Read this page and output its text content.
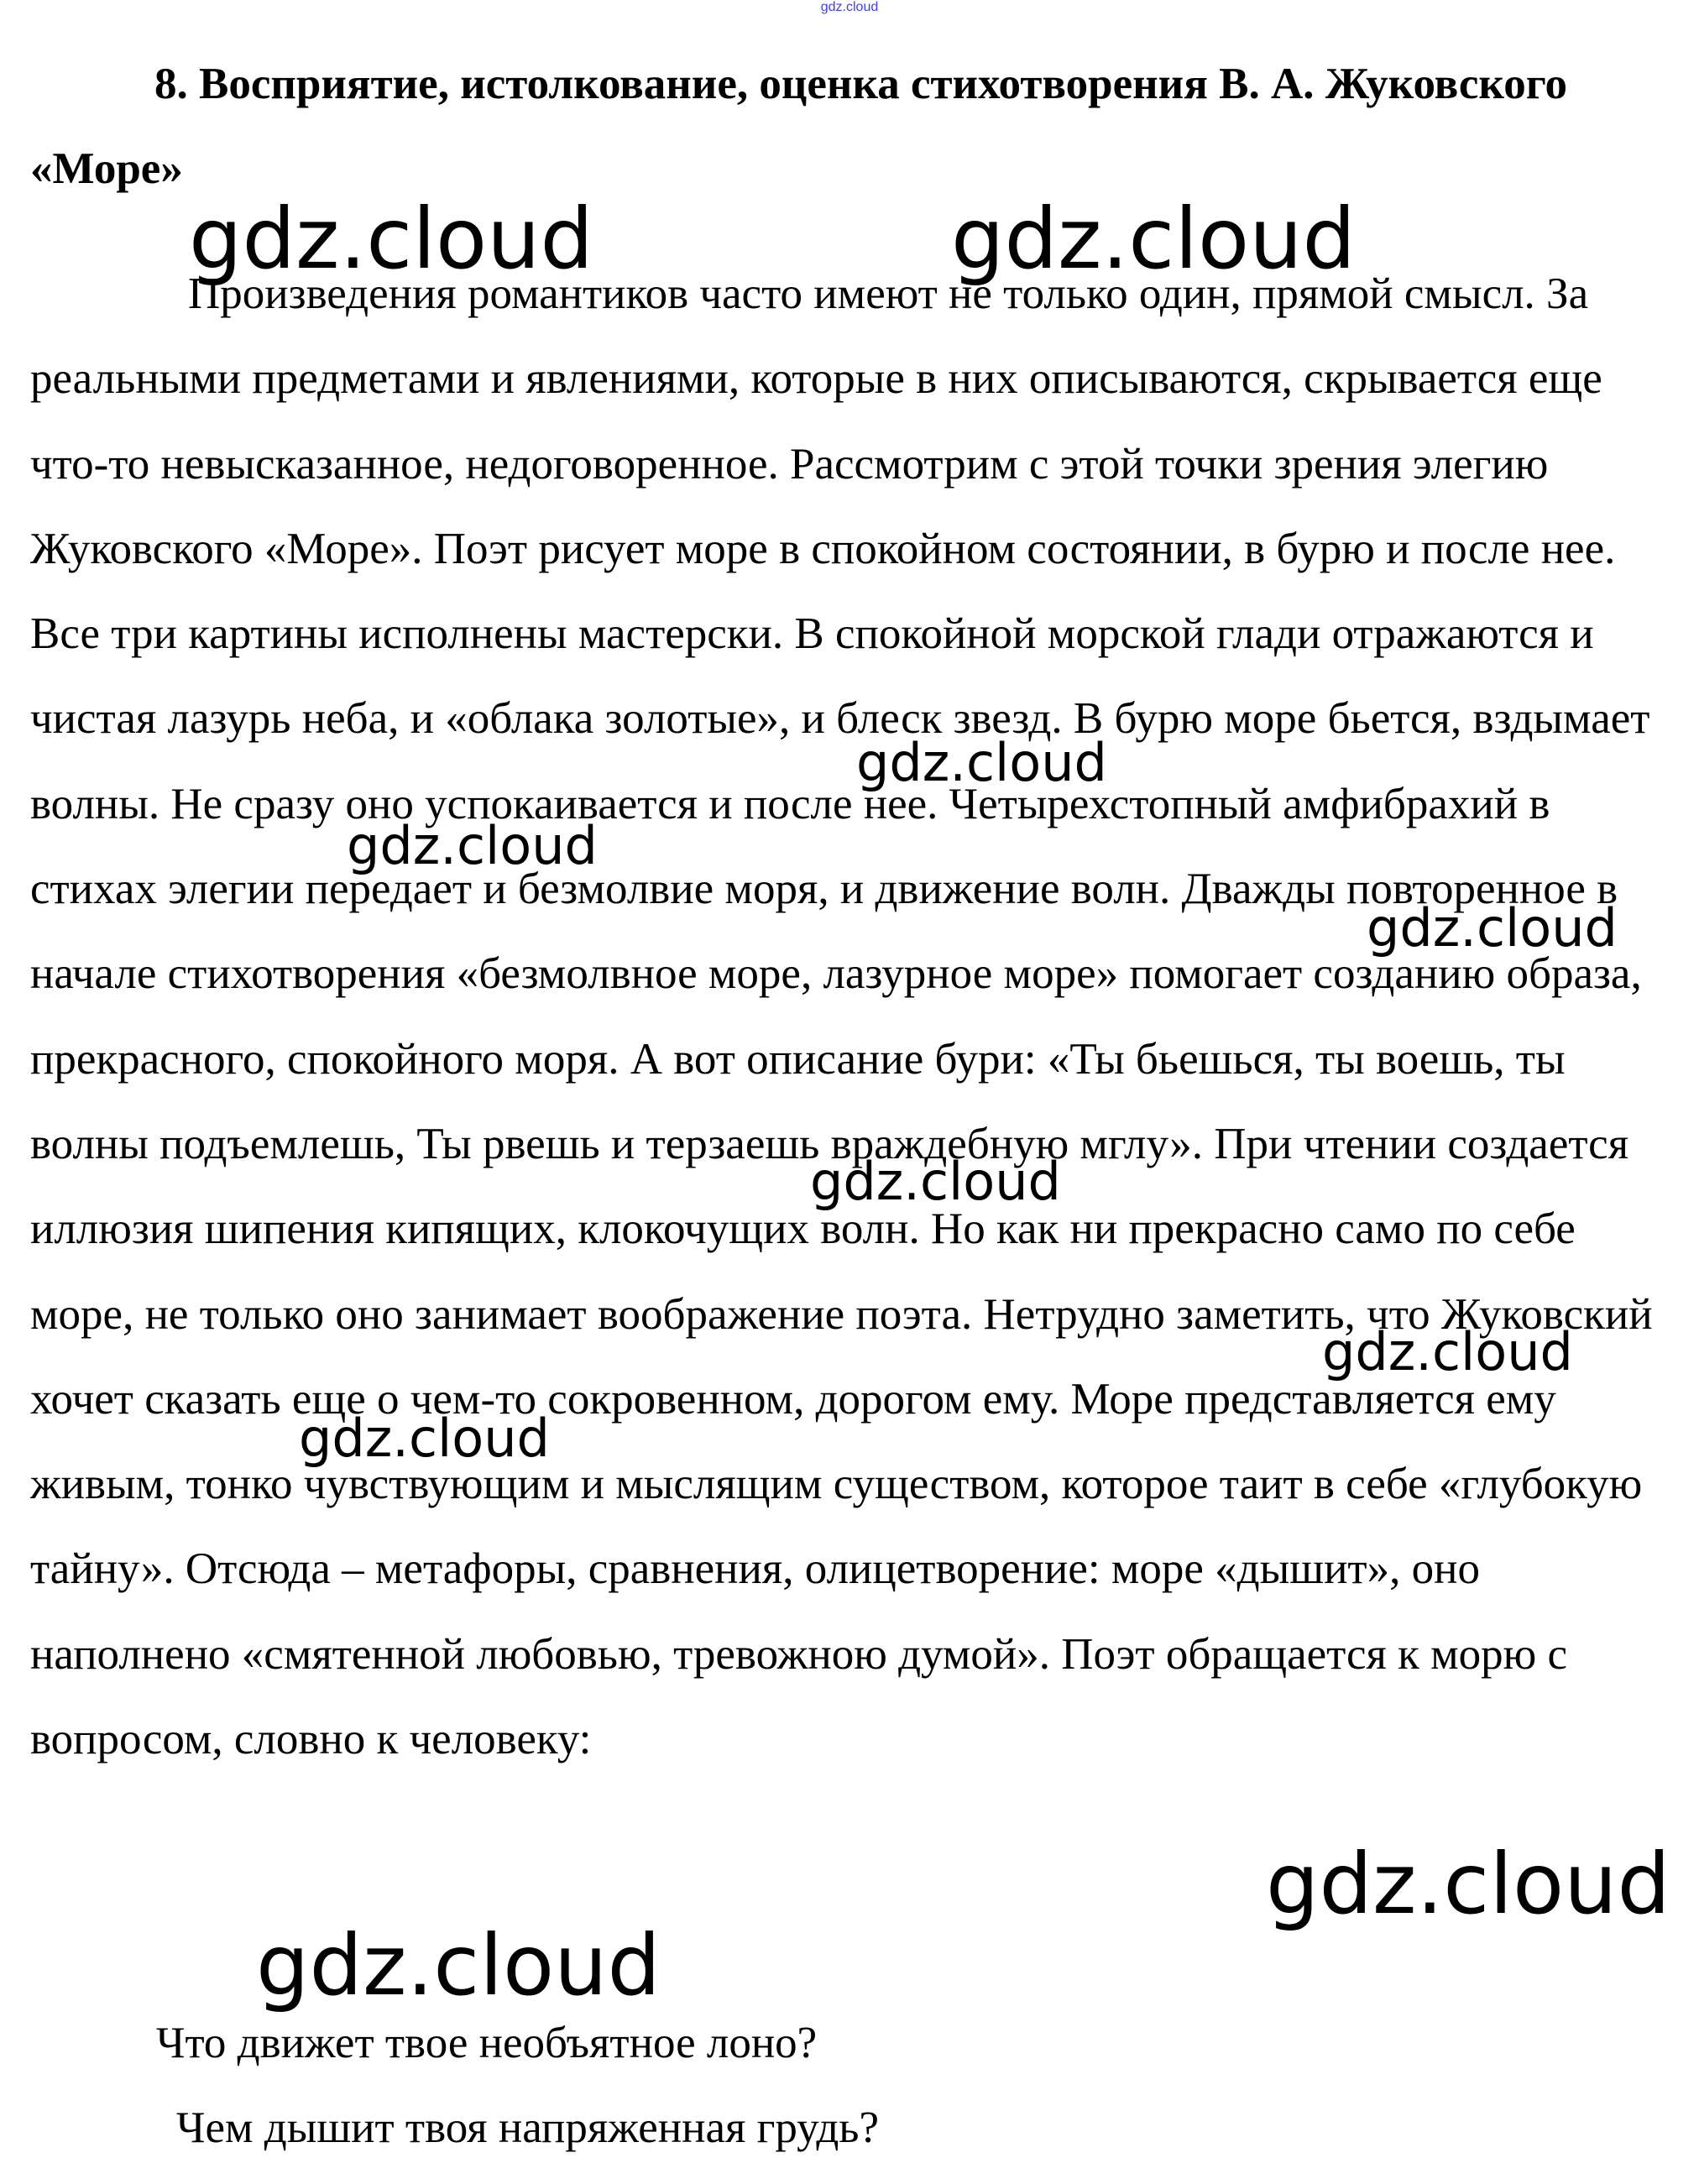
gdz.cloud
8. Восприятие, истолкование, оценка стихотворения В. А. Жуковского «Море»

Произведения романтиков часто имеют не только один, прямой смысл. За реальными предметами и явлениями, которые в них описываются, скрывается еще что-то невысказанное, недоговоренное. Рассмотрим с этой точки зрения элегию Жуковского «Море». Поэт рисует море в спокойном состоянии, в бурю и после нее. Все три картины исполнены мастерски. В спокойной морской глади отражаются и чистая лазурь неба, и «облака золотые», и блеск звезд. В бурю море бьется, вздымает волны. Не сразу оно успокаивается и после нее. Четырехстопный амфибрахий в стихах элегии передает и безмолвие моря, и движение волн. Дважды повторенное в начале стихотворения «безмолвное море, лазурное море» помогает созданию образа, прекрасного, спокойного моря. А вот описание бури: «Ты бьешься, ты воешь, ты волны подъемлешь, Ты рвешь и терзаешь враждебную мглу». При чтении создается иллюзия шипения кипящих, клокочущих волн. Но как ни прекрасно само по себе море, не только оно занимает воображение поэта. Нетрудно заметить, что Жуковский хочет сказать еще о чем-то сокровенном, дорогом ему. Море представляется ему живым, тонко чувствующим и мыслящим существом, которое таит в себе «глубокую тайну». Отсюда – метафоры, сравнения, олицетворение: море «дышит», оно наполнено «смятенной любовью, тревожною думой». Поэт обращается к морю с вопросом, словно к человеку:

Что движет твое необъятное лоно?

Чем дышит твоя напряженная грудь?

gdz.cloud	gdz.cloud
gdz.cloud
gdz.cloud
gdz.cloud
gdz.cloud
gdz.cloud
gdz.cloud
gdz.cloud
gdz.cloud
